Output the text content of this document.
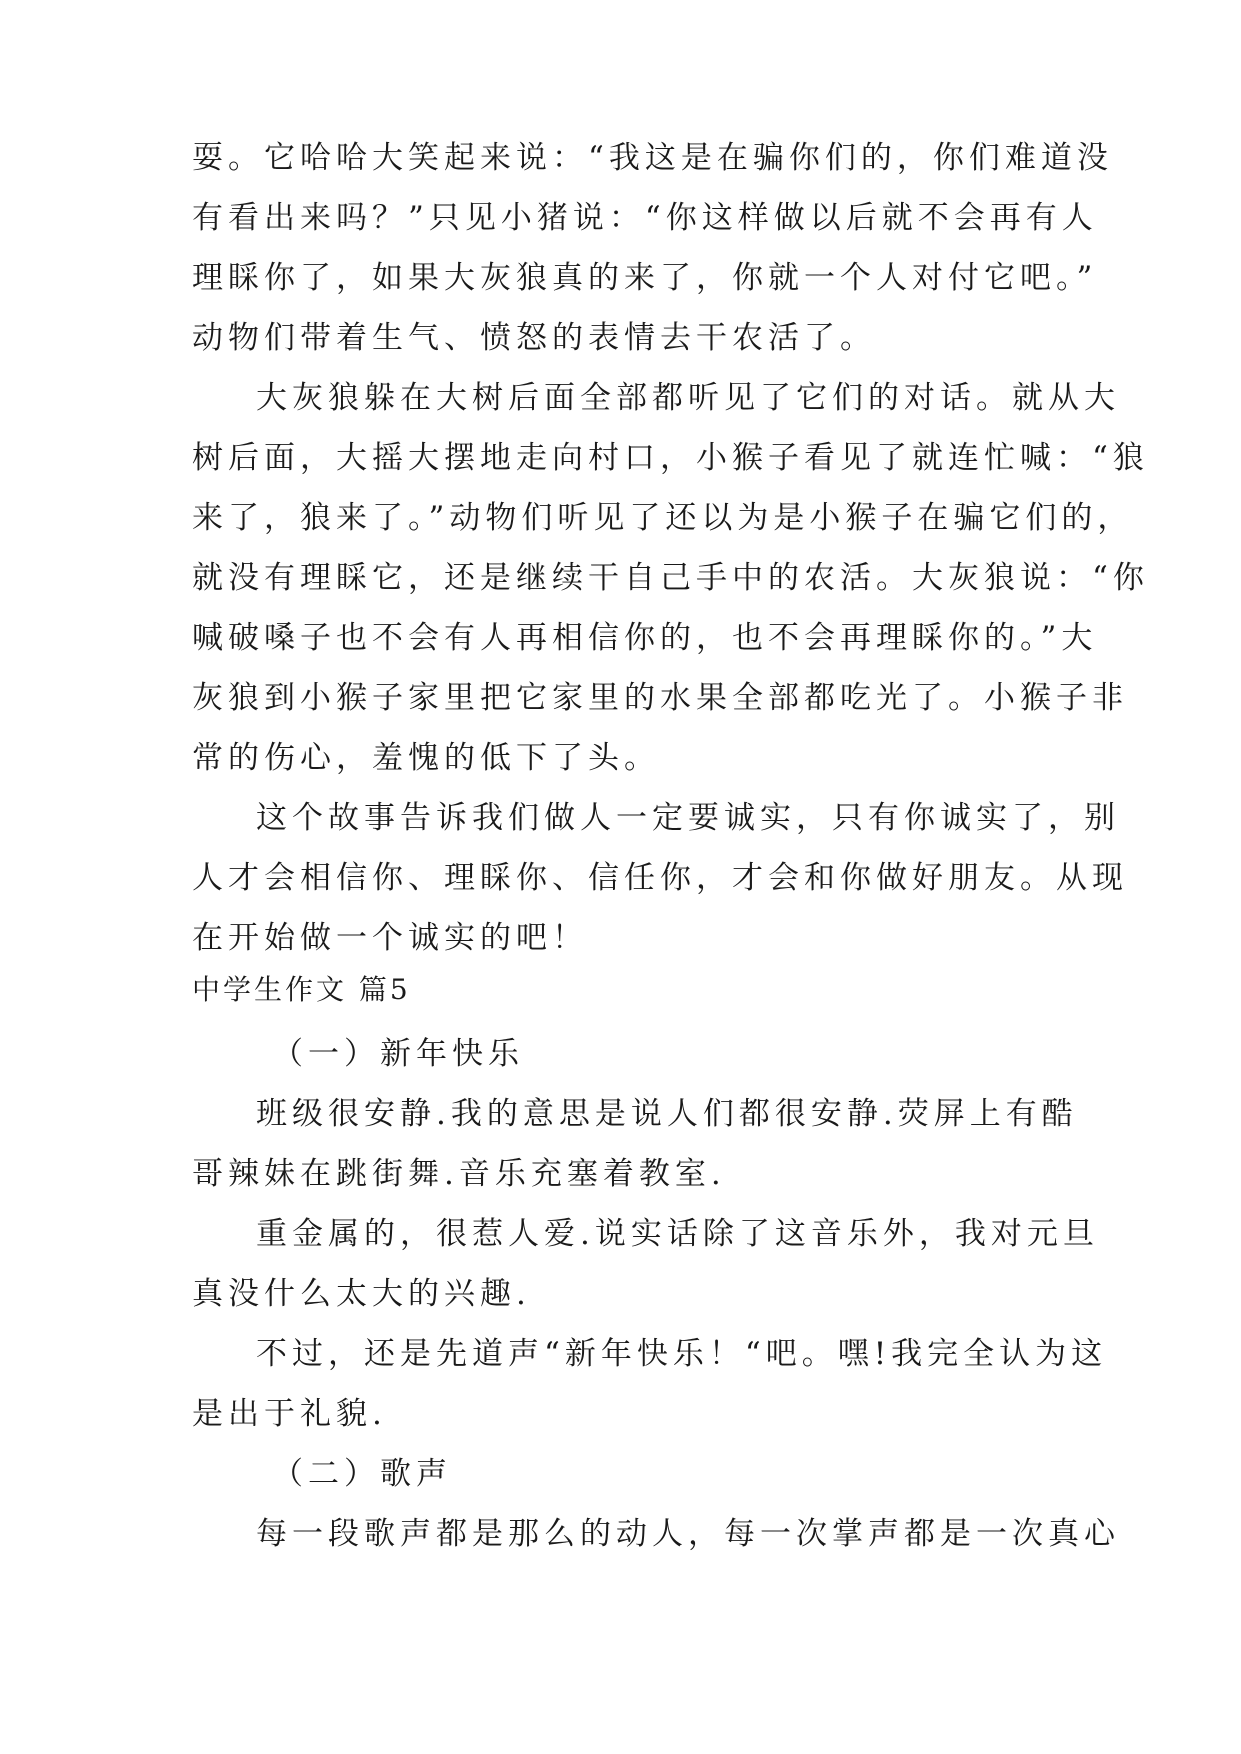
耍。它哈哈大笑起来说：“我这是在骗你们的，你们难道没

有看出来吗？”只见小猪说：“你这样做以后就不会再有人

理睬你了，如果大灰狼真的来了，你就一个人对付它吧。”

动物们带着生气、愤怒的表情去干农活了。

大灰狼躲在大树后面全部都听见了它们的对话。就从大

树后面，大摇大摆地走向村口，小猴子看见了就连忙喊：“狼

来了，狼来了。”动物们听见了还以为是小猴子在骗它们的，

就没有理睬它，还是继续干自己手中的农活。大灰狼说：“你

喊破嗓子也不会有人再相信你的，也不会再理睬你的。”大

灰狼到小猴子家里把它家里的水果全部都吃光了。小猴子非

常的伤心，羞愧的低下了头。

这个故事告诉我们做人一定要诚实，只有你诚实了，别

人才会相信你、理睬你、信任你，才会和你做好朋友。从现

在开始做一个诚实的吧！

中学生作文 篇5

（一）新年快乐

班级很安静.我的意思是说人们都很安静.荧屏上有酷

哥辣妹在跳街舞.音乐充塞着教室.

重金属的，很惹人爱.说实话除了这音乐外，我对元旦

真没什么太大的兴趣.

不过，还是先道声“新年快乐！“吧。嘿!我完全认为这

是出于礼貌.

（二）歌声

每一段歌声都是那么的动人，每一次掌声都是一次真心
